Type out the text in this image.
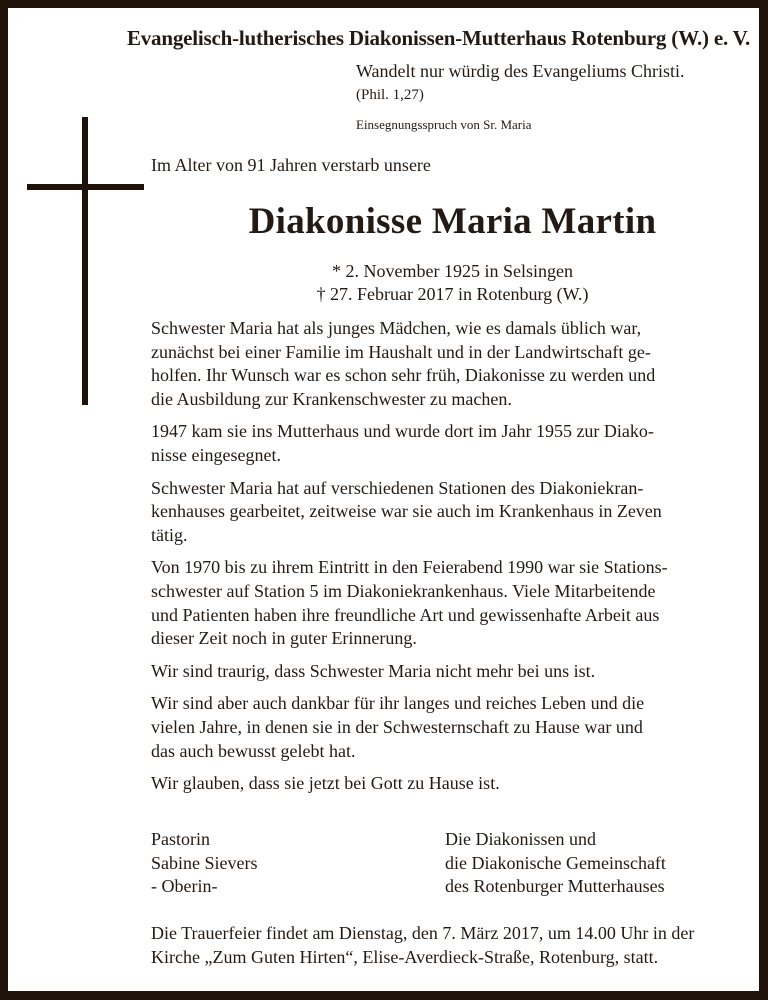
Evangelisch-lutherisches Diakonissen-Mutterhaus Rotenburg (W.) e. V.
Wandelt nur würdig des Evangeliums Christi.
(Phil. 1,27)
Einsegnungsspruch von Sr. Maria
Im Alter von 91 Jahren verstarb unsere
Diakonisse Maria Martin
* 2. November 1925 in Selsingen
† 27. Februar 2017 in Rotenburg (W.)

Schwester Maria hat als junges Mädchen, wie es damals üblich war,
zunächst bei einer Familie im Haushalt und in der Landwirtschaft ge-
holfen. Ihr Wunsch war es schon sehr früh, Diakonisse zu werden und
die Ausbildung zur Krankenschwester zu machen.

1947 kam sie ins Mutterhaus und wurde dort im Jahr 1955 zur Diako-
nisse eingesegnet.

Schwester Maria hat auf verschiedenen Stationen des Diakoniekran-
kenhauses gearbeitet, zeitweise war sie auch im Krankenhaus in Zeven
tätig.

Von 1970 bis zu ihrem Eintritt in den Feierabend 1990 war sie Stations-
schwester auf Station 5 im Diakoniekrankenhaus. Viele Mitarbeitende
und Patienten haben ihre freundliche Art und gewissenhafte Arbeit aus
dieser Zeit noch in guter Erinnerung.

Wir sind traurig, dass Schwester Maria nicht mehr bei uns ist.

Wir sind aber auch dankbar für ihr langes und reiches Leben und die
vielen Jahre, in denen sie in der Schwesternschaft zu Hause war und
das auch bewusst gelebt hat.

Wir glauben, dass sie jetzt bei Gott zu Hause ist.

Pastorin
Sabine Sievers
- Oberin-
Die Diakonissen und
die Diakonische Gemeinschaft
des Rotenburger Mutterhauses
Die Trauerfeier findet am Dienstag, den 7. März 2017, um 14.00 Uhr in der
Kirche „Zum Guten Hirten“, Elise-Averdieck-Straße, Rotenburg, statt.
